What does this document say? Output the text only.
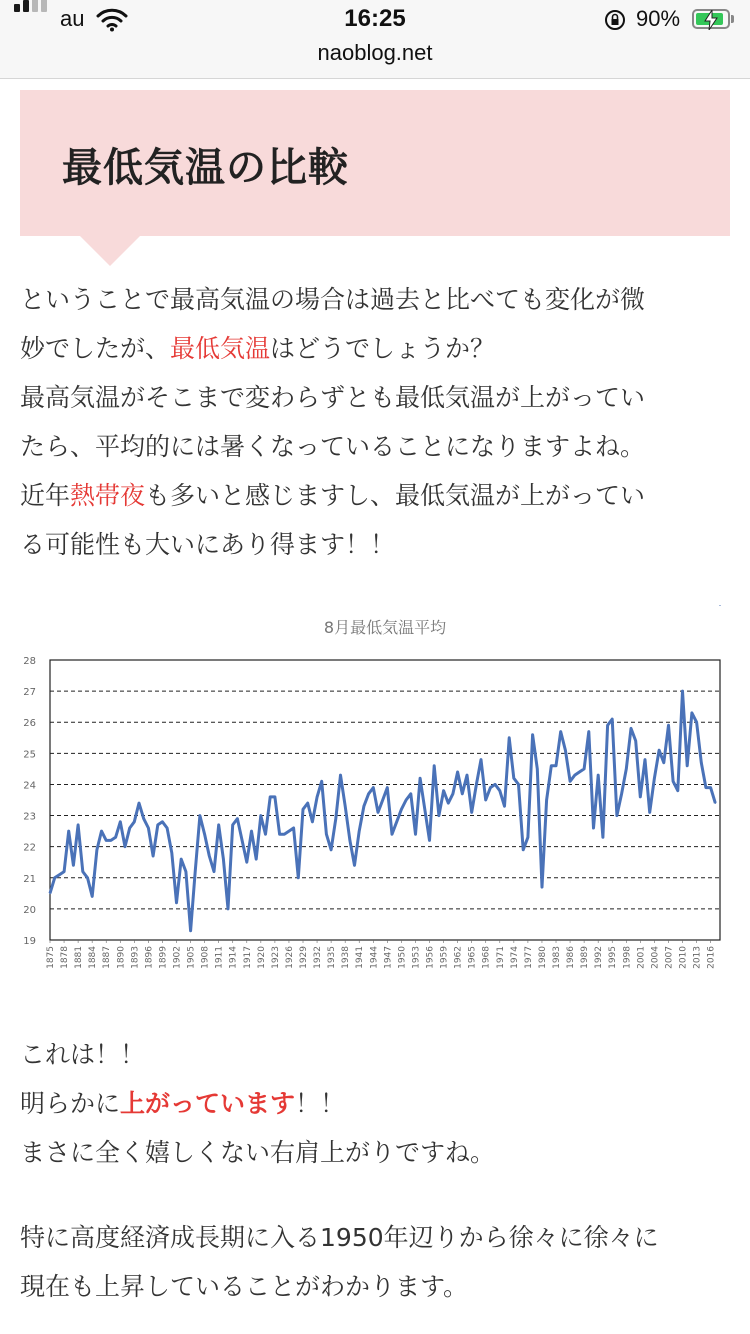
au	16:25	90%
naoblog.net
最低気温の比較

ということで最高気温の場合は過去と比べても変化が微
妙でしたが、最低気温はどうでしょうか？
最高気温がそこまで変わらずとも最低気温が上がってい
たら、平均的には暑くなっていることになりますよね。
近年熱帯夜も多いと感じますし、最低気温が上がってい
る可能性も大いにあり得ます！！

8月最低気温平均
19
20
21
22
23
24
25
26
27
28
1875 1878 1881 1884 1887 1890 1893 1896 1899 1902 1905 1908 1911 1914 1917 1920 1923 1926 1929 1932 1935 1938 1941 1944 1947 1950 1953 1956 1959 1962 1965 1968 1971 1974 1977 1980 1983 1986 1989 1992 1995 1998 2001 2004 2007 2010 2013 2016

これは！！
明らかに上がっています！！
まさに全く嬉しくない右肩上がりですね。

特に高度経済成長期に入る1950年辺りから徐々に徐々に
現在も上昇していることがわかります。
